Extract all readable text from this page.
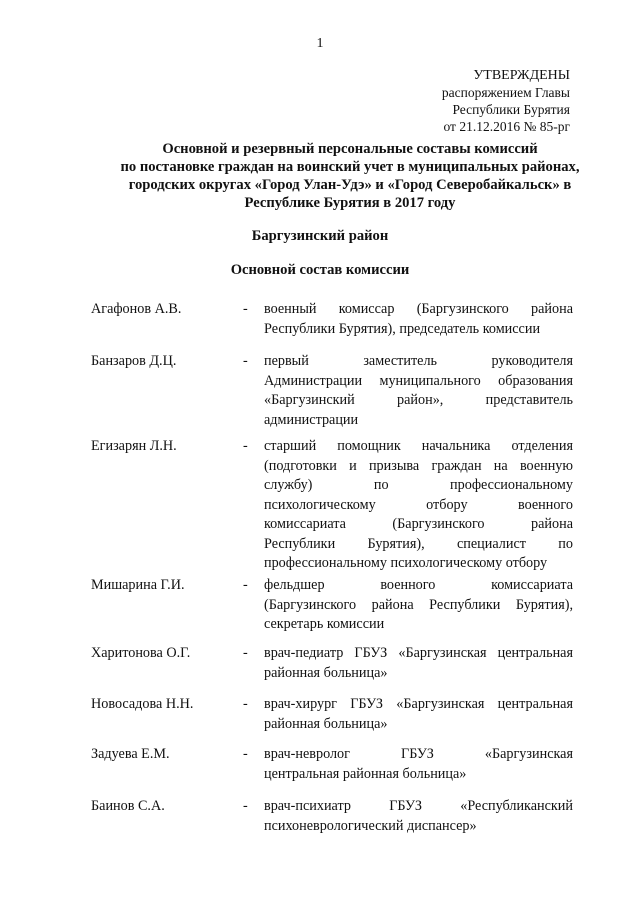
1
УТВЕРЖДЕНЫ
распоряжением Главы
Республики Бурятия
от 21.12.2016 № 85-рг
Основной и резервный персональные составы комиссий
по постановке граждан на воинский учет в муниципальных районах,
городских округах «Город Улан-Удэ» и «Город Северобайкальск» в
Республике Бурятия в 2017 году
Баргузинский район
Основной состав комиссии
Агафонов А.В.	- военный комиссар (Баргузинского района
Республики Бурятия), председатель комиссии
Банзаров Д.Ц.	- первый заместитель руководителя
Администрации муниципального образования
«Баргузинский район», представитель
администрации
Егизарян Л.Н.	- старший помощник начальника отделения
(подготовки и призыва граждан на военную
службу) по профессиональному
психологическому отбору военного
комиссариата (Баргузинского района
Республики Бурятия), специалист по
профессиональному психологическому отбору
Мишарина Г.И.	- фельдшер военного комиссариата
(Баргузинского района Республики Бурятия),
секретарь комиссии
Харитонова О.Г.	- врач-педиатр ГБУЗ «Баргузинская центральная
районная больница»
Новосадова Н.Н.	- врач-хирург ГБУЗ «Баргузинская центральная
районная больница»
Задуева Е.М.	- врач-невролог ГБУЗ «Баргузинская
центральная районная больница»
Баинов С.А.	- врач-психиатр ГБУЗ «Республиканский
психоневрологический диспансер»
